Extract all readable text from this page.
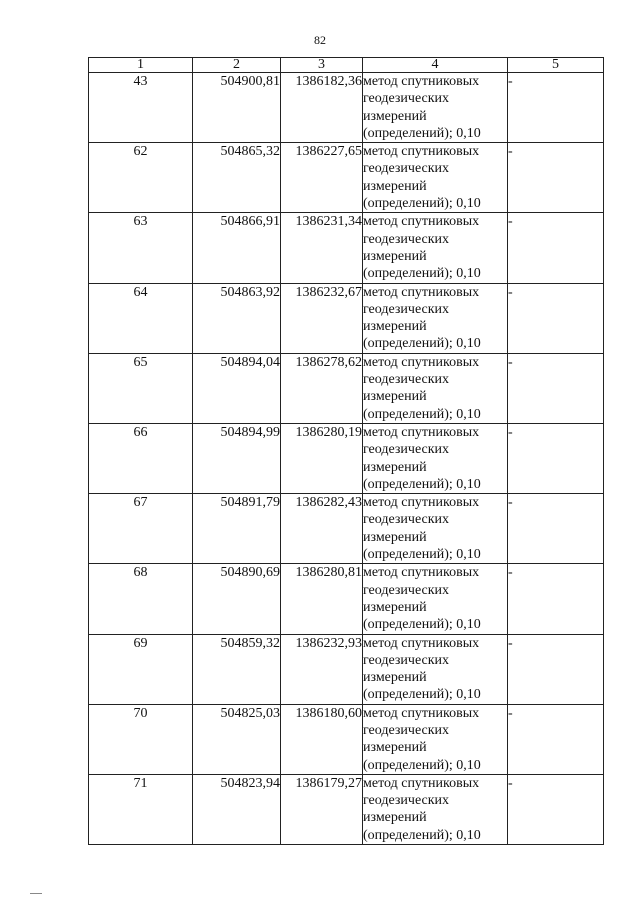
82
1	2	3	4	5
43	504900,81	1386182,36	метод спутниковых геодезических измерений (определений); 0,10	-
62	504865,32	1386227,65	метод спутниковых геодезических измерений (определений); 0,10	-
63	504866,91	1386231,34	метод спутниковых геодезических измерений (определений); 0,10	-
64	504863,92	1386232,67	метод спутниковых геодезических измерений (определений); 0,10	-
65	504894,04	1386278,62	метод спутниковых геодезических измерений (определений); 0,10	-
66	504894,99	1386280,19	метод спутниковых геодезических измерений (определений); 0,10	-
67	504891,79	1386282,43	метод спутниковых геодезических измерений (определений); 0,10	-
68	504890,69	1386280,81	метод спутниковых геодезических измерений (определений); 0,10	-
69	504859,32	1386232,93	метод спутниковых геодезических измерений (определений); 0,10	-
70	504825,03	1386180,60	метод спутниковых геодезических измерений (определений); 0,10	-
71	504823,94	1386179,27	метод спутниковых геодезических измерений (определений); 0,10	-
